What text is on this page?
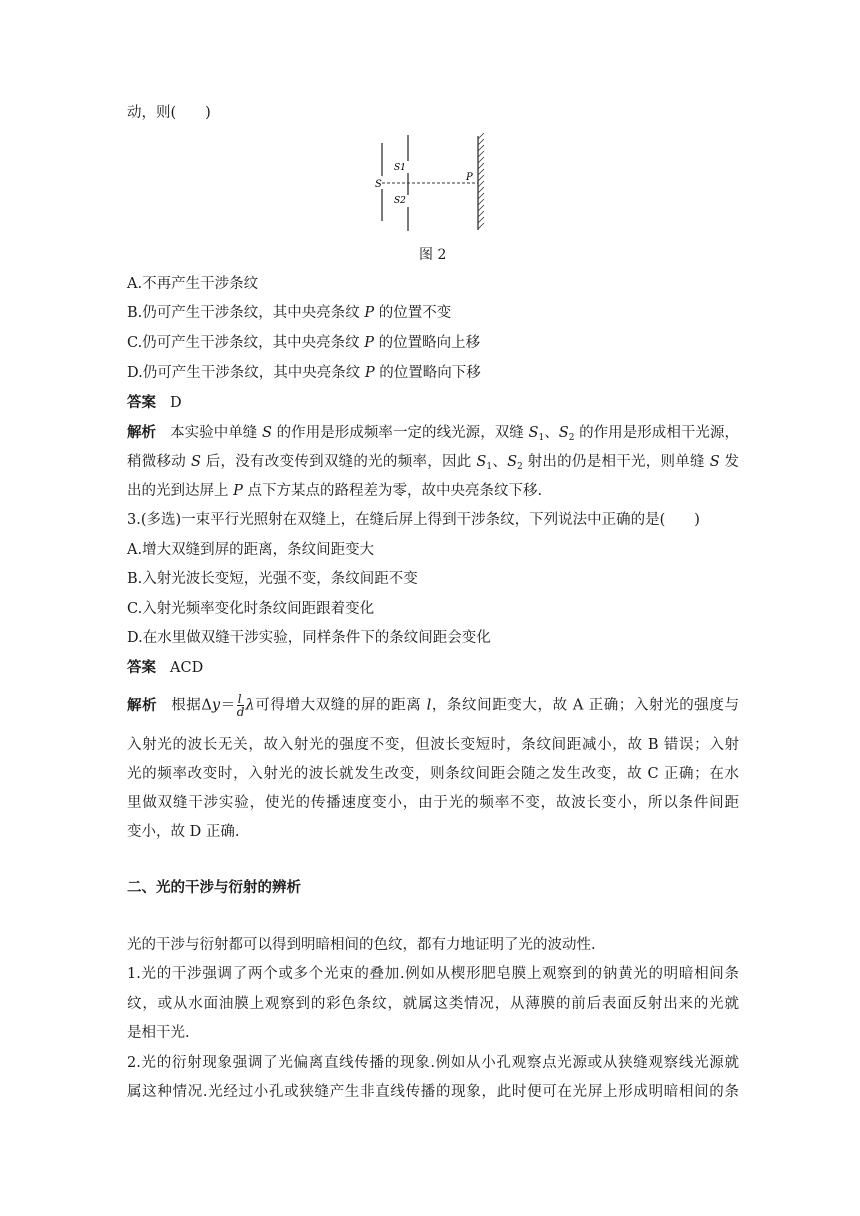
动，则(　　)
S
S1
S2
P
图 2
A.不再产生干涉条纹
B.仍可产生干涉条纹，其中央亮条纹 P 的位置不变
C.仍可产生干涉条纹，其中央亮条纹 P 的位置略向上移
D.仍可产生干涉条纹，其中央亮条纹 P 的位置略向下移
答案 D
解析 本实验中单缝 S 的作用是形成频率一定的线光源，双缝 $S_1$、$S_2$ 的作用是形成相干光源，
稍微移动 S 后，没有改变传到双缝的光的频率，因此 $S_1$、$S_2$ 射出的仍是相干光，则单缝 S 发
出的光到达屏上 P 点下方某点的路程差为零，故中央亮条纹下移.
3.(多选)一束平行光照射在双缝上，在缝后屏上得到干涉条纹，下列说法中正确的是(　　)
A.增大双缝到屏的距离，条纹间距变大
B.入射光波长变短，光强不变，条纹间距不变
C.入射光频率变化时条纹间距跟着变化
D.在水里做双缝干涉实验，同样条件下的条纹间距会变化
答案 ACD
解析 根据$\Delta y= \frac{l}{d}$ λ可得增大双缝的屏的距离 l，条纹间距变大，故 A 正确；入射光的强度与
入射光的波长无关，故入射光的强度不变，但波长变短时，条纹间距减小，故 B 错误；入射
光的频率改变时，入射光的波长就发生改变，则条纹间距会随之发生改变，故 C 正确；在水
里做双缝干涉实验，使光的传播速度变小，由于光的频率不变，故波长变小，所以条件间距
变小，故 D 正确.
二、光的干涉与衍射的辨析
光的干涉与衍射都可以得到明暗相间的色纹，都有力地证明了光的波动性.
1.光的干涉强调了两个或多个光束的叠加.例如从楔形肥皂膜上观察到的钠黄光的明暗相间条
纹，或从水面油膜上观察到的彩色条纹，就属这类情况，从薄膜的前后表面反射出来的光就
是相干光.
2.光的衍射现象强调了光偏离直线传播的现象.例如从小孔观察点光源或从狭缝观察线光源就
属这种情况.光经过小孔或狭缝产生非直线传播的现象，此时便可在光屏上形成明暗相间的条
